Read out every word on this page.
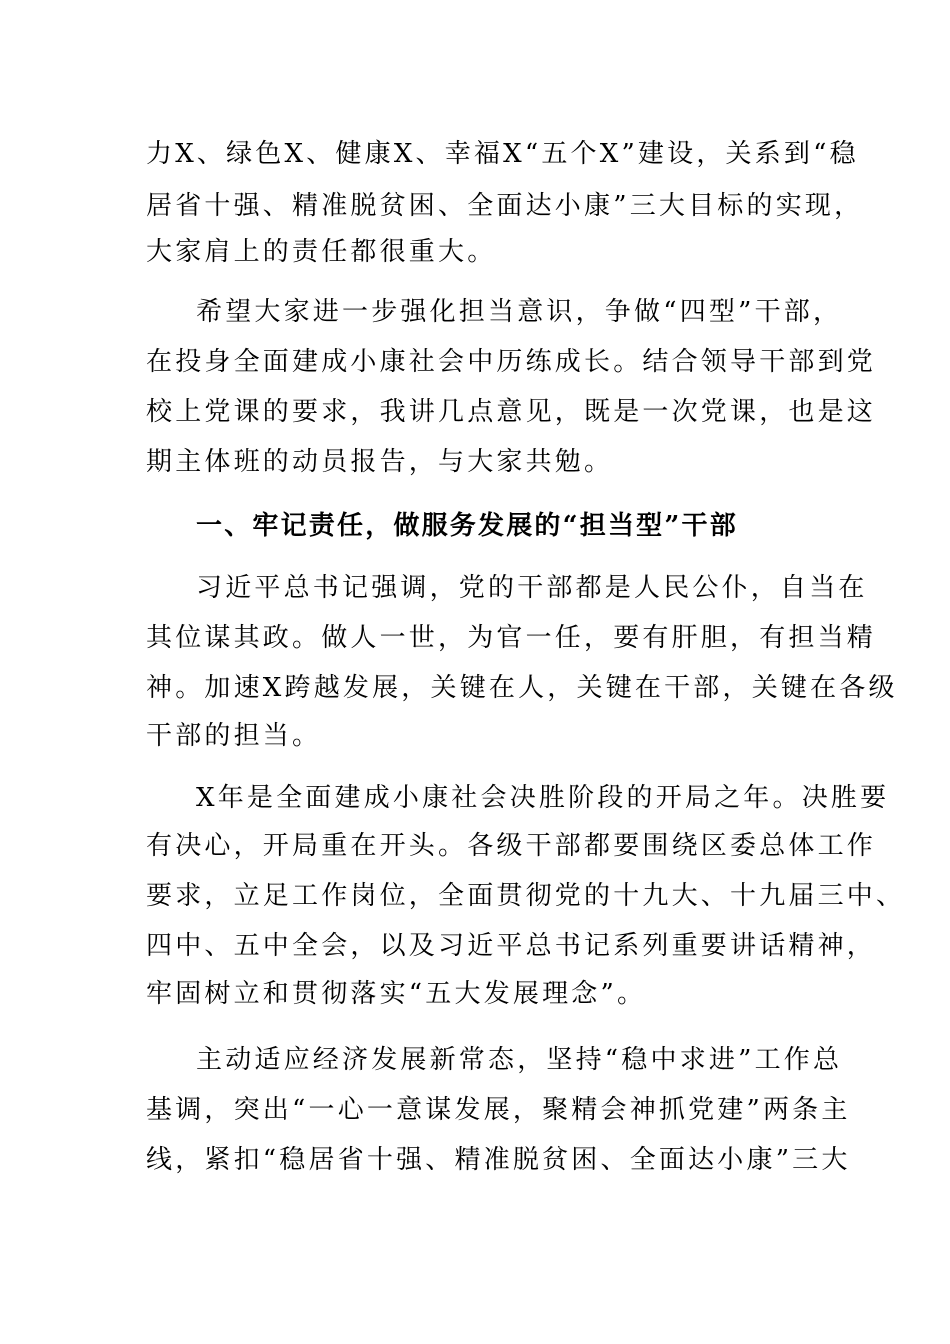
力X、绿色X、健康X、幸福X“五个X”建设，关系到“稳
居省十强、精准脱贫困、全面达小康”三大目标的实现，
大家肩上的责任都很重大。
希望大家进一步强化担当意识，争做“四型”干部，
在投身全面建成小康社会中历练成长。结合领导干部到党
校上党课的要求，我讲几点意见，既是一次党课，也是这
期主体班的动员报告，与大家共勉。
一、牢记责任，做服务发展的“担当型”干部
习近平总书记强调，党的干部都是人民公仆，自当在
其位谋其政。做人一世，为官一任，要有肝胆，有担当精
神。加速X跨越发展，关键在人，关键在干部，关键在各级
干部的担当。
X年是全面建成小康社会决胜阶段的开局之年。决胜要
有决心，开局重在开头。各级干部都要围绕区委总体工作
要求，立足工作岗位，全面贯彻党的十九大、十九届三中、
四中、五中全会，以及习近平总书记系列重要讲话精神，
牢固树立和贯彻落实“五大发展理念”。
主动适应经济发展新常态，坚持“稳中求进”工作总
基调，突出“一心一意谋发展，聚精会神抓党建”两条主
线，紧扣“稳居省十强、精准脱贫困、全面达小康”三大
